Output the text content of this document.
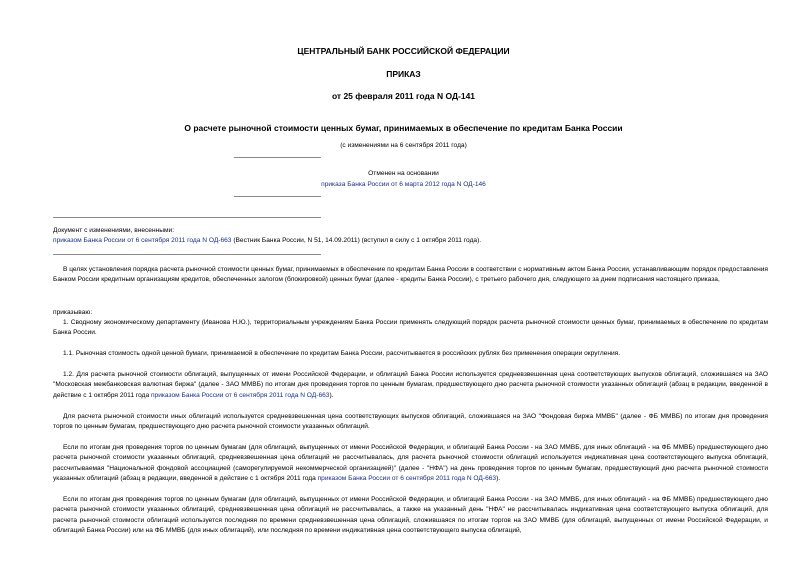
ЦЕНТРАЛЬНЫЙ БАНК РОССИЙСКОЙ ФЕДЕРАЦИИ
ПРИКАЗ
от 25 февраля 2011 года N ОД-141
О расчете рыночной стоимости ценных бумаг, принимаемых в обеспечение по кредитам Банка России
(с изменениями на 6 сентября 2011 года)
Отменен на основании
приказа Банка России от 6 марта 2012 года N ОД-146
Документ с изменениями, внесенными:
приказом Банка России от 6 сентября 2011 года N ОД-663 (Вестник Банка России, N 51, 14.09.2011) (вступил в силу с 1 октября 2011 года).
В целях установления порядка расчета рыночной стоимости ценных бумаг, принимаемых в обеспечение по кредитам Банка России в соответствии с нормативным актом Банка России, устанавливающим порядок предоставления Банком России кредитным организациям кредитов, обеспеченных залогом (блокировкой) ценных бумаг (далее - кредиты Банка России), с третьего рабочего дня, следующего за днем подписания настоящего приказа,
приказываю:
1. Сводному экономическому департаменту (Иванова Н.Ю.), территориальным учреждениям Банка России применять следующий порядок расчета рыночной стоимости ценных бумаг, принимаемых в обеспечение по кредитам Банка России.
1.1. Рыночная стоимость одной ценной бумаги, принимаемой в обеспечение по кредитам Банка России, рассчитывается в российских рублях без применения операции округления.
1.2. Для расчета рыночной стоимости облигаций, выпущенных от имени Российской Федерации, и облигаций Банка России используется средневзвешенная цена соответствующих выпусков облигаций, сложившаяся на ЗАО "Московская межбанковская валютная биржа" (далее - ЗАО ММВБ) по итогам дня проведения торгов по ценным бумагам, предшествующего дню расчета рыночной стоимости указанных облигаций (абзац в редакции, введенной в действие с 1 октября 2011 года приказом Банка России от 6 сентября 2011 года N ОД-663).
Для расчета рыночной стоимости иных облигаций используется средневзвешенная цена соответствующих выпусков облигаций, сложившаяся на ЗАО "Фондовая биржа ММВБ" (далее - ФБ ММВБ) по итогам дня проведения торгов по ценным бумагам, предшествующего дню расчета рыночной стоимости указанных облигаций.
Если по итогам дня проведения торгов по ценным бумагам (для облигаций, выпущенных от имени Российской Федерации, и облигаций Банка России - на ЗАО ММВБ, для иных облигаций - на ФБ ММВБ) предшествующего дню расчета рыночной стоимости указанных облигаций, средневзвешенная цена облигаций не рассчитывалась, для расчета рыночной стоимости облигаций используется индикативная цена соответствующего выпуска облигаций, рассчитываемая "Национальной фондовой ассоциацией (саморегулируемой некоммерческой организацией)" (далее - "НФА") на день проведения торгов по ценным бумагам, предшествующий дню расчета рыночной стоимости указанных облигаций (абзац в редакции, введенной в действие с 1 октября 2011 года приказом Банка России от 6 сентября 2011 года N ОД-663).
Если по итогам дня проведения торгов по ценным бумагам (для облигаций, выпущенных от имени Российской Федерации, и облигаций Банка России - на ЗАО ММВБ, для иных облигаций - на ФБ ММВБ) предшествующего дню расчета рыночной стоимости указанных облигаций, средневзвешенная цена облигаций не рассчитывалась, а также на указанный день "НФА" не рассчитывалась индикативная цена соответствующего выпуска облигаций, для расчета рыночной стоимости облигаций используется последняя по времени средневзвешенная цена облигаций, сложившаяся по итогам торгов на ЗАО ММВБ (для облигаций, выпущенных от имени Российской Федерации, и облигаций Банка России) или на ФБ ММВБ (для иных облигаций), или последняя по времени индикативная цена соответствующего выпуска облигаций,
